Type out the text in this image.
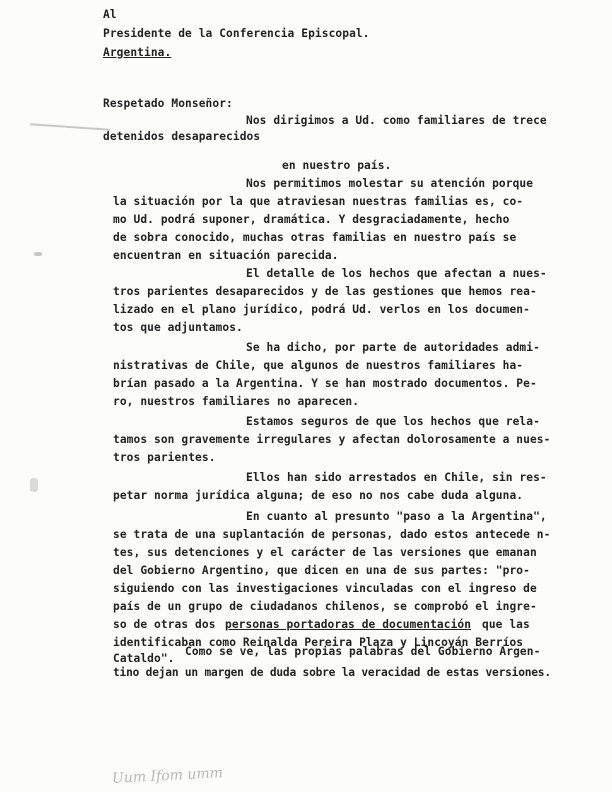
Al
Presidente de la Conferencia Episcopal.
Argentina.
Respetado Monseñor:
Nos dirigimos a Ud. como familiares de trece
detenidos desaparecidos
en nuestro país.
Nos permitimos molestar su atención porque
la situación por la que atraviesan nuestras familias es, co-
mo Ud. podrá suponer, dramática. Y desgraciadamente, hecho
de sobra conocido, muchas otras familias en nuestro país se
encuentran en situación parecida.
El detalle de los hechos que afectan a nues-
tros parientes desaparecidos y de las gestiones que hemos rea-
lizado en el plano jurídico, podrá Ud. verlos en los documen-
tos que adjuntamos.
Se ha dicho, por parte de autoridades admi-
nistrativas de Chile, que algunos de nuestros familiares ha-
brían pasado a la Argentina. Y se han mostrado documentos. Pe-
ro, nuestros familiares no aparecen.
Estamos seguros de que los hechos que rela-
tamos son gravemente irregulares y afectan dolorosamente a nues-
tros parientes.
Ellos han sido arrestados en Chile, sin res-
petar norma jurídica alguna; de eso no nos cabe duda alguna.
En cuanto al presunto "paso a la Argentina",
se trata de una suplantación de personas, dado estos antecede n-
tes, sus detenciones y el carácter de las versiones que emanan
del Gobierno Argentino, que dicen en una de sus partes: "pro-
siguiendo con las investigaciones vinculadas con el ingreso de
país de un grupo de ciudadanos chilenos, se comprobó el ingre-
so de otras dos personas portadoras de documentación que las
identificaban como Reinalda Pereira Plaza y Lincoyán Berríos
Cataldo".
Como se ve, las propias palabras del Gobierno Argen-
tino dejan un margen de duda sobre la veracidad de estas versiones.
Uum Ifom umm
